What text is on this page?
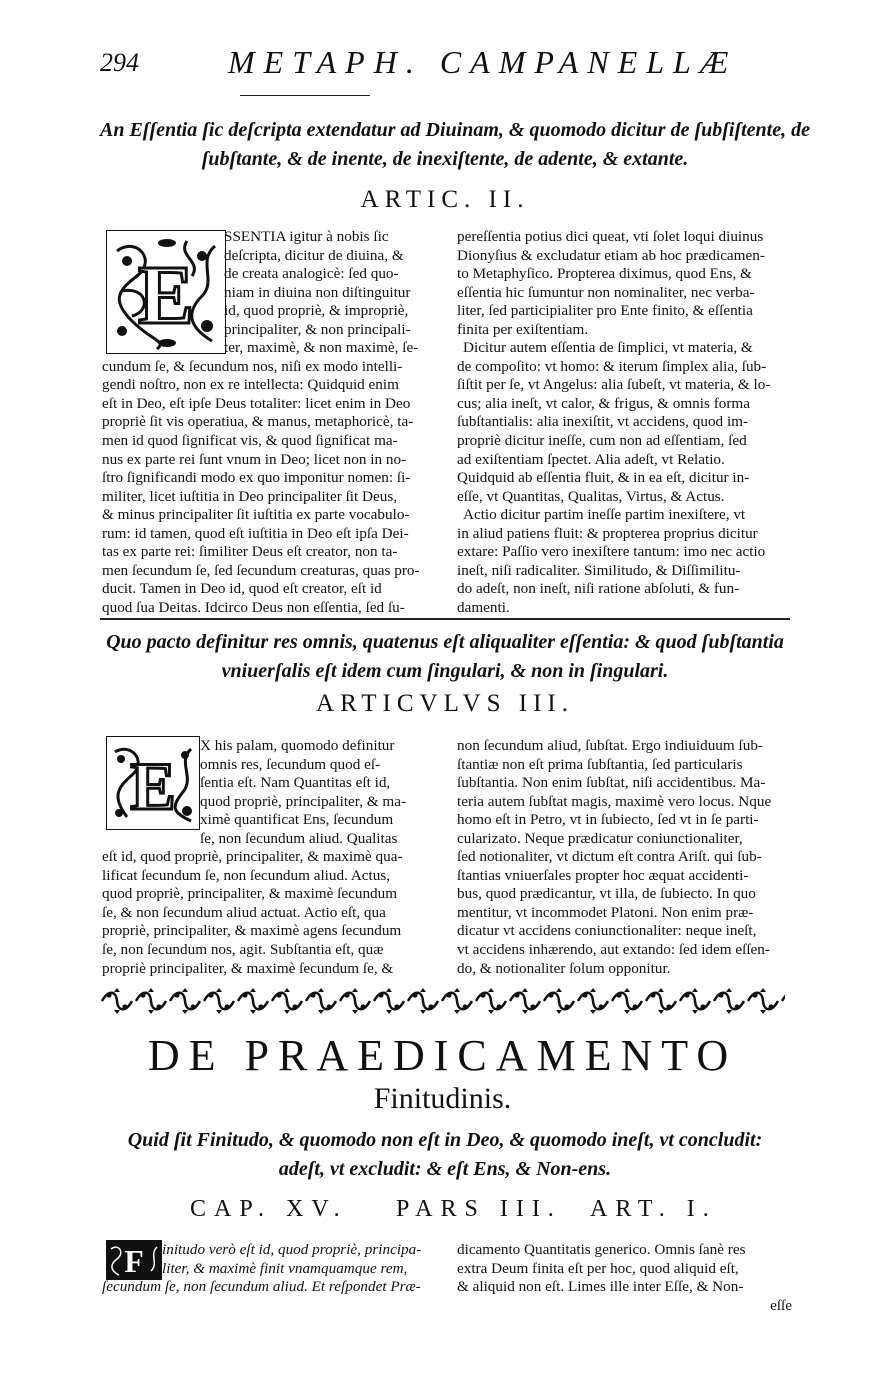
294	METAPH. CAMPANELLÆ
An Eſſentia ſic deſcripta extendatur ad Diuinam, & quomodo dicitur de ſubſiſtente, de
ſubſtante, & de inente, de inexiſtente, de adente, & extante.
ARTIC. II.
E
SSENTIA igitur à nobis ſic
deſcripta, dicitur de diuina, &
de creata analogicè: ſed quo-
niam in diuina non diſtinguitur
id, quod propriè, & impropriè,
principaliter, & non principali-
ter, maximè, & non maximè, ſe-
cundum ſe, & ſecundum nos, niſi ex modo intelli-
gendi noſtro, non ex re intellecta: Quidquid enim
eſt in Deo, eſt ipſe Deus totaliter: licet enim in Deo
propriè ſit vis operatiua, & manus, metaphoricè, ta-
men id quod ſignificat vis, & quod ſignificat ma-
nus ex parte rei ſunt vnum in Deo; licet non in no-
ſtro ſignificandi modo ex quo imponitur nomen: ſi-
militer, licet iuſtitia in Deo principaliter ſit Deus,
& minus principaliter ſit iuſtitia ex parte vocabulo-
rum: id tamen, quod eſt iuſtitia in Deo eſt ipſa Dei-
tas ex parte rei: ſimiliter Deus eſt creator, non ta-
men ſecundum ſe, ſed ſecundum creaturas, quas pro-
ducit. Tamen in Deo id, quod eſt creator, eſt id
quod ſua Deitas. Idcirco Deus non eſſentia, ſed ſu-
pereſſentia potius dici queat, vti ſolet loqui diuinus
Dionyſius & excludatur etiam ab hoc prædicamen-
to Metaphyſico. Propterea diximus, quod Ens, &
eſſentia hic ſumuntur non nominaliter, nec verba-
liter, ſed participialiter pro Ente finito, & eſſentia
finita per exiſtentiam.
Dicitur autem eſſentia de ſimplici, vt materia, &
de compoſito: vt homo: & iterum ſimplex alia, ſub-
ſiſtit per ſe, vt Angelus: alia ſubeſt, vt materia, & lo-
cus; alia ineſt, vt calor, & frigus, & omnis forma
ſubſtantialis: alia inexiſtit, vt accidens, quod im-
propriè dicitur ineſſe, cum non ad eſſentiam, ſed
ad exiſtentiam ſpectet. Alia adeſt, vt Relatio.
Quidquid ab eſſentia fluit, & in ea eſt, dicitur in-
eſſe, vt Quantitas, Qualitas, Virtus, & Actus.
Actio dicitur partim ineſſe partim inexiſtere, vt
in aliud patiens fluit: & propterea proprius dicitur
extare: Paſſio vero inexiſtere tantum: imo nec actio
ineſt, niſi radicaliter. Similitudo, & Diſſimilitu-
do adeſt, non ineſt, niſi ratione abſoluti, & fun-
damenti.
Quo pacto definitur res omnis, quatenus eſt aliqualiter eſſentia: & quod ſubſtantia
vniuerſalis eſt idem cum ſingulari, & non in ſingulari.
ARTICVLVS III.
E
X his palam, quomodo definitur
omnis res, ſecundum quod eſ-
ſentia eſt. Nam Quantitas eſt id,
quod propriè, principaliter, & ma-
ximè quantificat Ens, ſecundum
ſe, non ſecundum aliud. Qualitas
eſt id, quod propriè, principaliter, & maximè qua-
lificat ſecundum ſe, non ſecundum aliud. Actus,
quod propriè, principaliter, & maximè ſecundum
ſe, & non ſecundum aliud actuat. Actio eſt, qua
propriè, principaliter, & maximè agens ſecundum
ſe, non ſecundum nos, agit. Subſtantia eſt, quæ
propriè principaliter, & maximè ſecundum ſe, &
non ſecundum aliud, ſubſtat. Ergo indiuiduum ſub-
ſtantiæ non eſt prima ſubſtantia, ſed particularis
ſubſtantia. Non enim ſubſtat, niſi accidentibus. Ma-
teria autem ſubſtat magis, maximè vero locus. Nque
homo eſt in Petro, vt in ſubiecto, ſed vt in ſe parti-
cularizato. Neque prædicatur coniunctionaliter,
ſed notionaliter, vt dictum eſt contra Ariſt. qui ſub-
ſtantias vniuerſales propter hoc æquat accidenti-
bus, quod prædicantur, vt illa, de ſubiecto. In quo
mentitur, vt incommodet Platoni. Non enim præ-
dicatur vt accidens coniunctionaliter: neque ineſt,
vt accidens inhærendo, aut extando: ſed idem eſſen-
do, & notionaliter ſolum opponitur.
DE PRAEDICAMENTO
Finitudinis.
Quid ſit Finitudo, & quomodo non eſt in Deo, & quomodo ineſt, vt concludit:
adeſt, vt excludit: & eſt Ens, & Non-ens.
CAP. XV. PARS III. ART. I.
F	initudo verò eſt id, quod propriè, principa-
liter, & maximè finit vnamquamque rem,
ſecundum ſe, non ſecundum aliud. Et reſpondet Præ-
dicamento Quantitatis generico. Omnis ſanè res
extra Deum finita eſt per hoc, quod aliquid eſt,
& aliquid non eſt. Limes ille inter Eſſe, & Non-
eſſe
